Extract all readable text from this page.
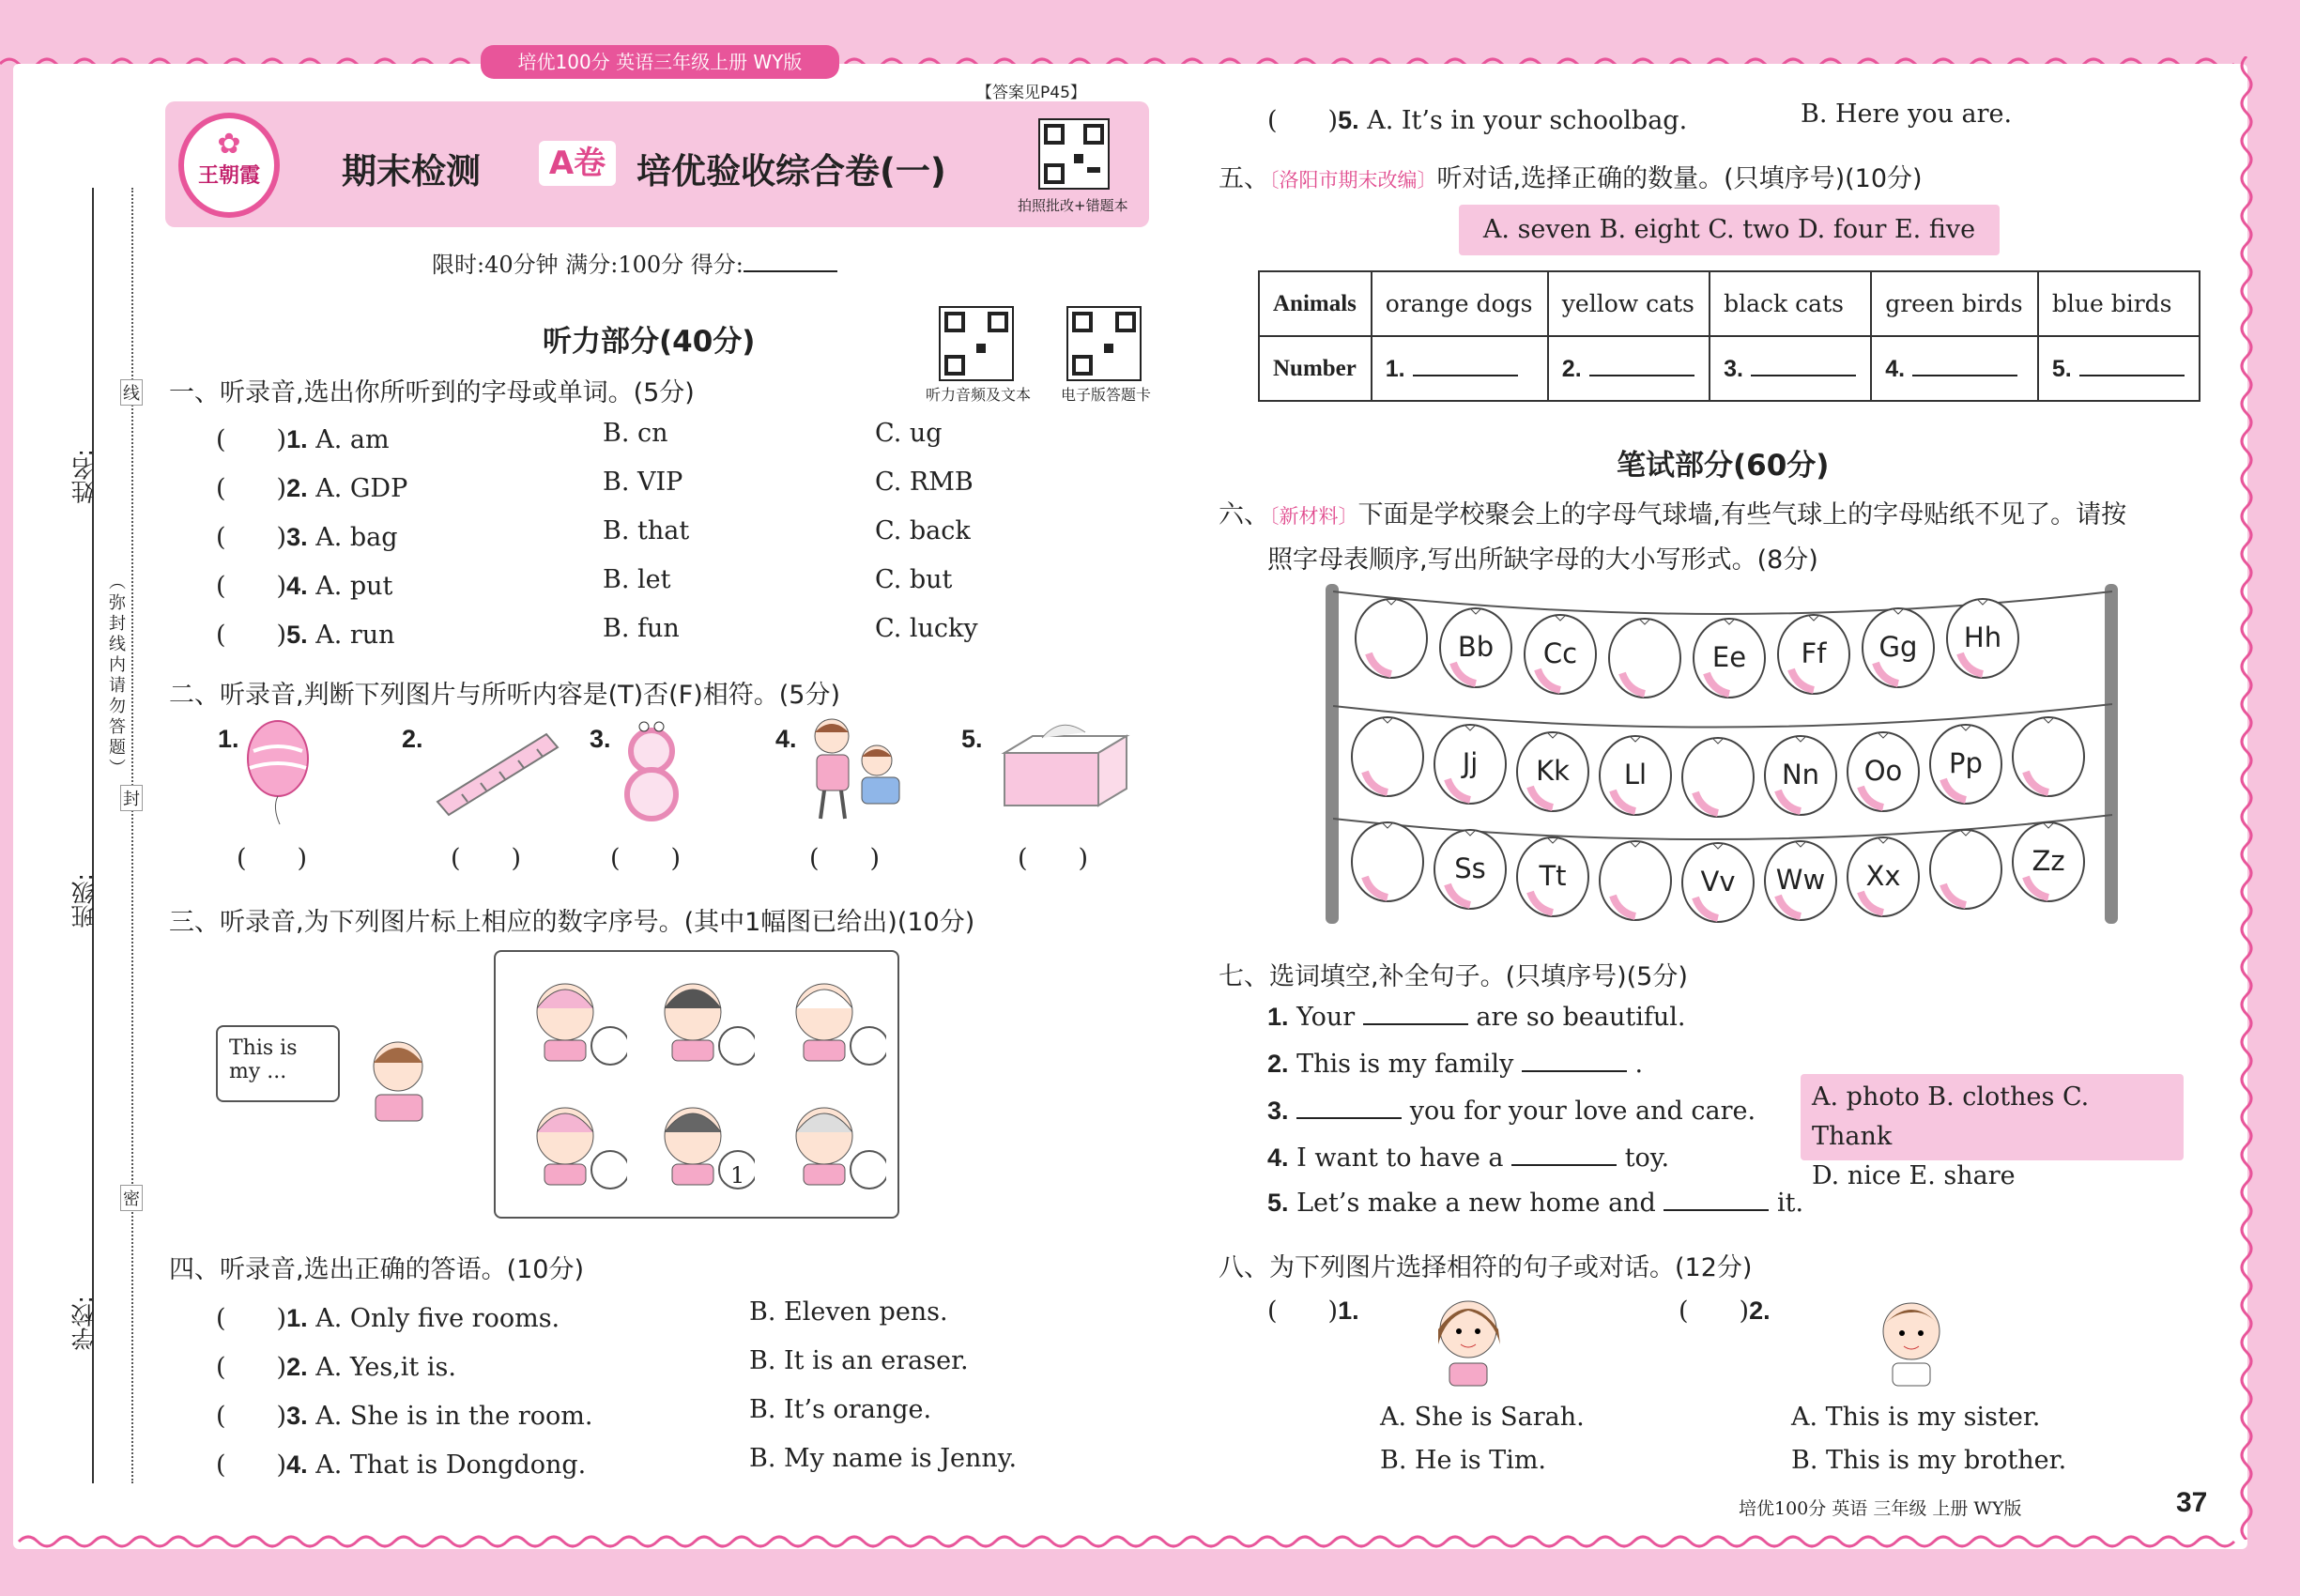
培优100分 英语三年级上册 WY版
姓名:
班级:
学校:
线
封
密
（弥封线内请勿答题）
✿
王朝霞	期末检测	A卷 培优验收综合卷(一)
拍照批改+错题本
【答案见P45】
限时:40分钟 满分:100分 得分:
听力部分(40分)
听力音频及文本 电子版答题卡
一、听录音,选出你所听到的字母或单词。(5分)
(　　)1. A. am	B. cn	C. ug
(　　)2. A. GDP	B. VIP	C. RMB
(　　)3. A. bag	B. that	C. back
(　　)4. A. put	B. let	C. but
(　　)5. A. run	B. fun	C. lucky
二、听录音,判断下列图片与所听内容是(T)否(F)相符。(5分)
1.	2.	3.	4.	5.
(　　)	(　　)	(　　)	(　　)	(　　)
三、听录音,为下列图片标上相应的数字序号。(其中1幅图已给出)(10分)
This is my ...
1
四、听录音,选出正确的答语。(10分)
(　　)1. A. Only five rooms.	B. Eleven pens.
(　　)2. A. Yes,it is.	B. It is an eraser.
(　　)3. A. She is in the room.	B. It’s orange.
(　　)4. A. That is Dongdong.	B. My name is Jenny.
(　　)5. A. It’s in your schoolbag.	B. Here you are.
五、〔洛阳市期末改编〕听对话,选择正确的数量。(只填序号)(10分)
A. seven B. eight C. two D. four E. five
Animals	orange dogs	yellow cats	black cats	green birds	blue birds
Number	1.	2.	3.	4.	5.
笔试部分(60分)
六、〔新材料〕下面是学校聚会上的字母气球墙,有些气球上的字母贴纸不见了。请按
照字母表顺序,写出所缺字母的大小写形式。(8分)
Bb	Cc	Ee	Ff	Gg	Hh
Jj	Kk	Ll	Nn	Oo	Pp
Ss	Tt	Vv	Ww	Xx	Zz
七、选词填空,补全句子。(只填序号)(5分)
1. Your	are so beautiful.
2. This is my family	.
3.	you for your love and care.
4. I want to have a	toy.
5. Let’s make a new home and	it.
A. photo B. clothes C. Thank
D. nice E. share
八、为下列图片选择相符的句子或对话。(12分)
(　　)1.	(　　)2.
A. She is Sarah.
B. He is Tim.
A. This is my sister.
B. This is my brother.
培优100分 英语 三年级 上册 WY版	37
